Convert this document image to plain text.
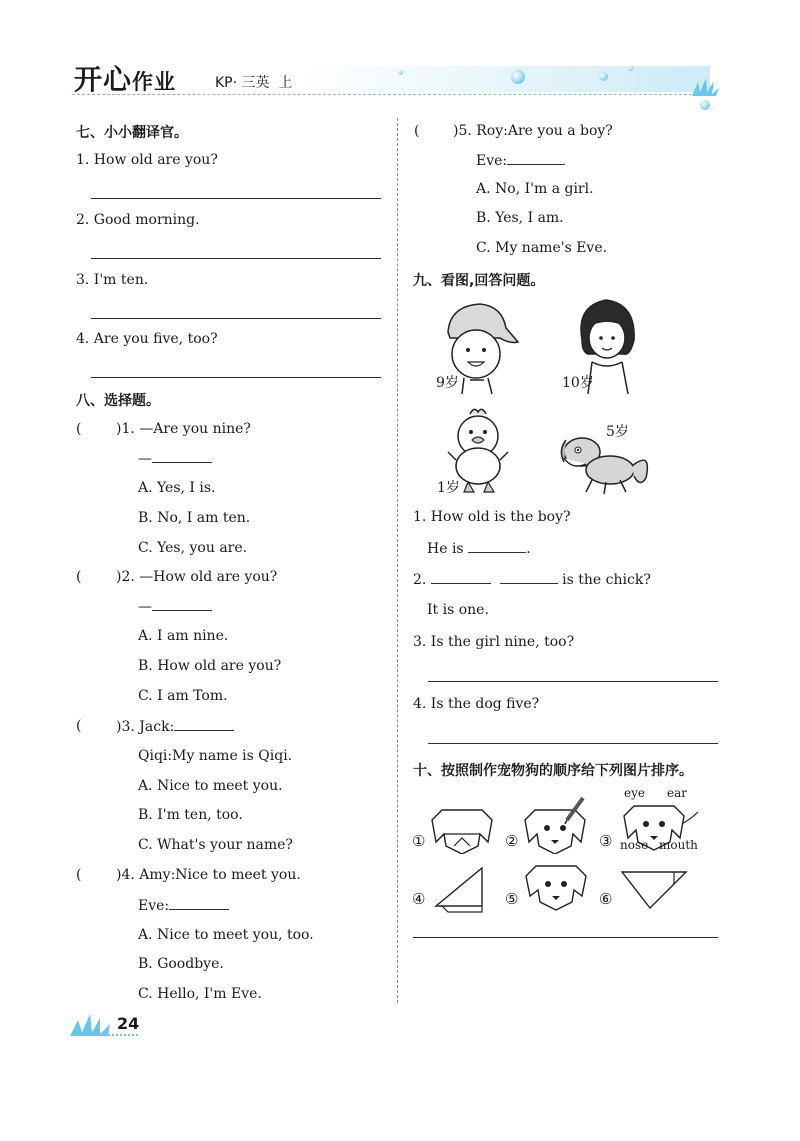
开心作业	KP· 三英 上
七、小小翻译官。
1. How old are you?
2. Good morning.
3. I'm ten.
4. Are you five, too?
八、选择题。
( )1. —Are you nine?
—
A. Yes, I is.
B. No, I am ten.
C. Yes, you are.
( )2. —How old are you?
—
A. I am nine.
B. How old are you?
C. I am Tom.
( )3. Jack:
Qiqi:My name is Qiqi.
A. Nice to meet you.
B. I'm ten, too.
C. What's your name?
( )4. Amy:Nice to meet you.
Eve:
A. Nice to meet you, too.
B. Goodbye.
C. Hello, I'm Eve.
( )5. Roy:Are you a boy?
Eve:
A. No, I'm a girl.
B. Yes, I am.
C. My name's Eve.
九、看图,回答问题。
9岁	10岁
1岁
5岁
1. How old is the boy?
He is	.
2.	is the chick?
It is one.
3. Is the girl nine, too?
4. Is the dog five?
十、按照制作宠物狗的顺序给下列图片排序。
①	②	③
eye ear
nose mouth
④	⑤	⑥
24
